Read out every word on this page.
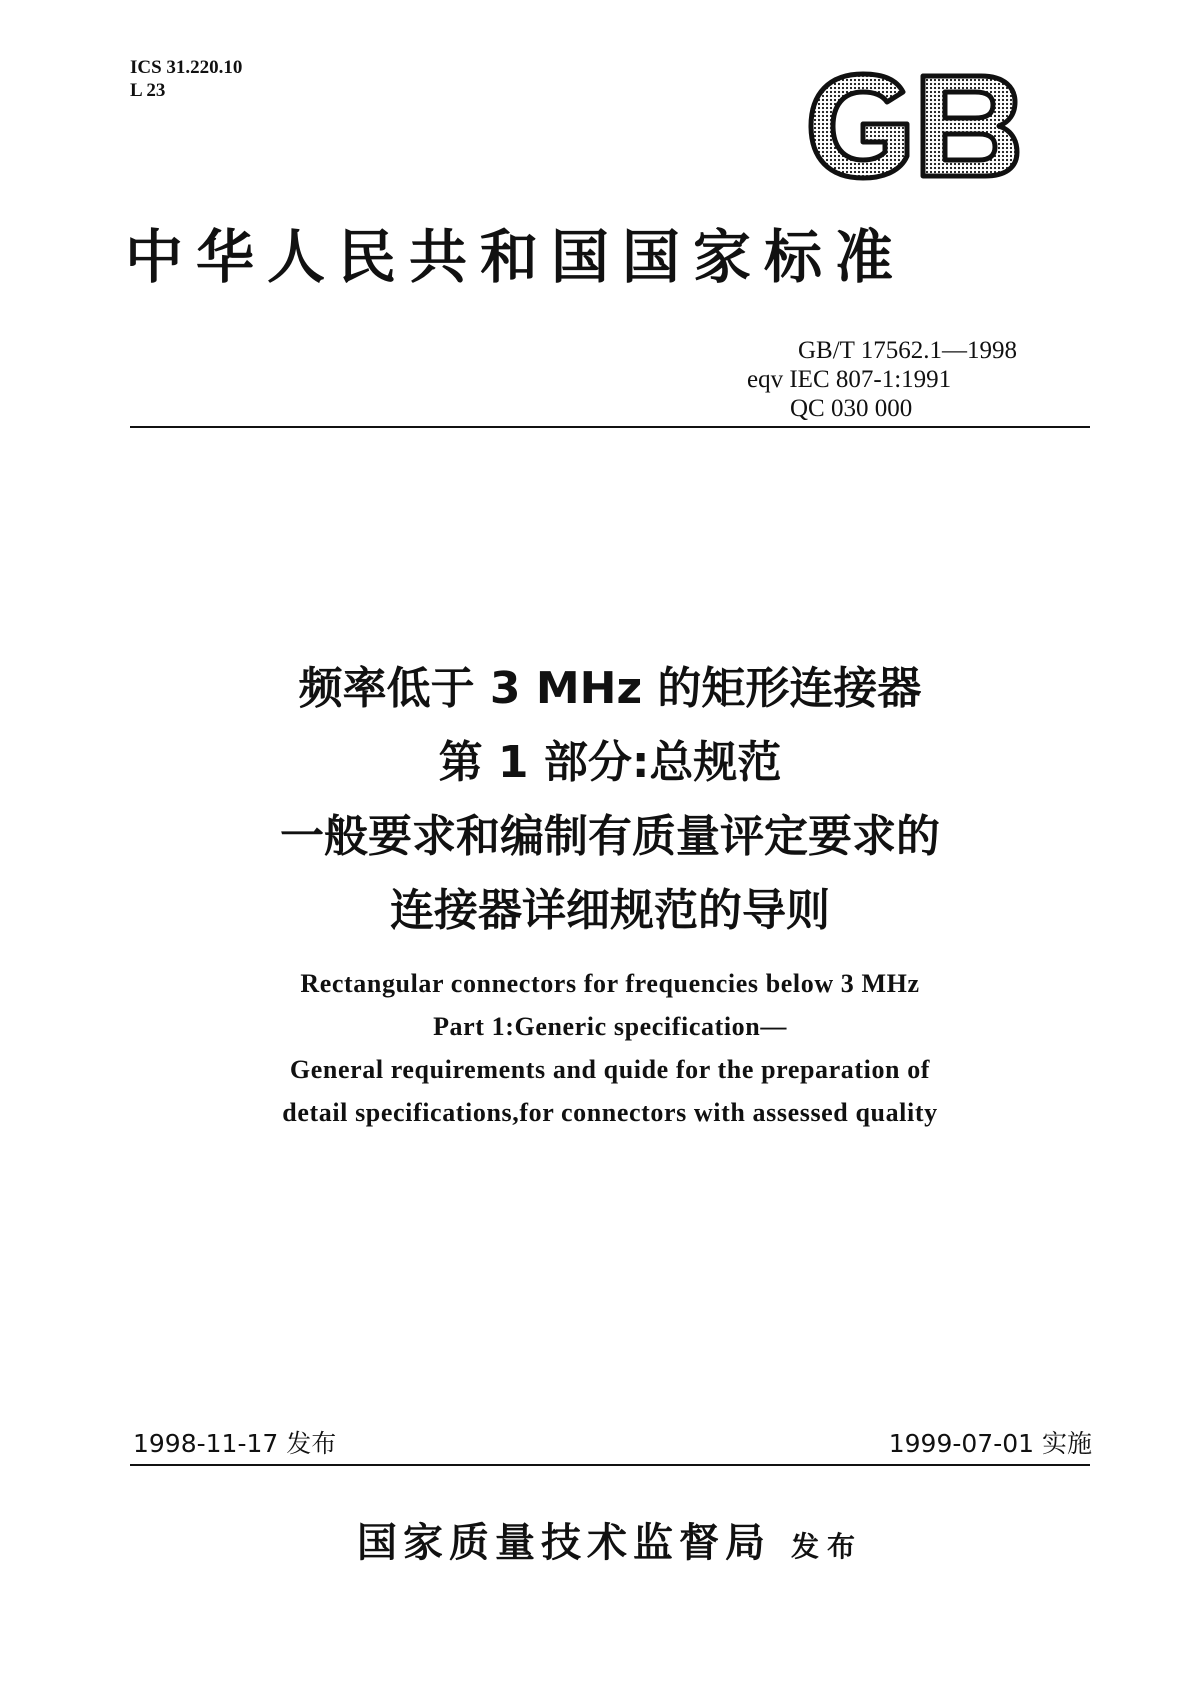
ICS 31.220.10
L 23
中华人民共和国国家标准
GB/T 17562.1—1998
eqv IEC 807-1:1991
QC 030 000
频率低于 3 MHz 的矩形连接器
第 1 部分:总规范
一般要求和编制有质量评定要求的
连接器详细规范的导则
Rectangular connectors for frequencies below 3 MHz
Part 1:Generic specification—
General requirements and quide for the preparation of
detail specifications,for connectors with assessed quality
1998-11-17 发布	1999-07-01 实施
国家质量技术监督局 发布
